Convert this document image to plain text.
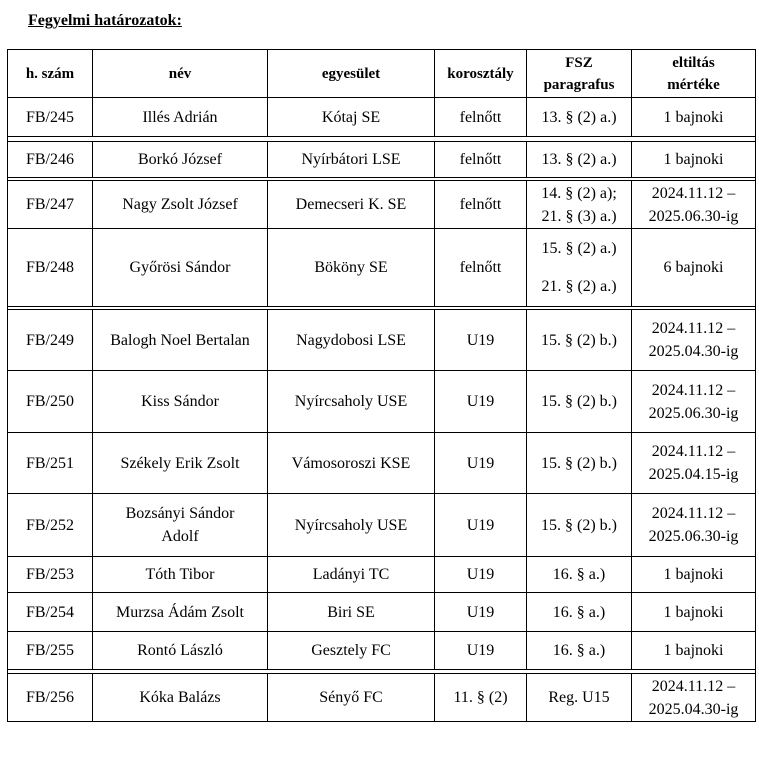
Fegyelmi határozatok:
h. szám	név	egyesület	korosztály	FSZ
paragrafus	eltiltás
mértéke

FB/245	Illés Adrián	Kótaj SE	felnőtt	13. § (2) a.)	1 bajnoki

FB/246	Borkó József	Nyírbátori LSE	felnőtt	13. § (2) a.)	1 bajnoki

FB/247	Nagy Zsolt József	Demecseri K. SE	felnőtt	14. § (2) a);
21. § (3) a.)	2024.11.12 –
2025.06.30-ig

FB/248	Győrösi Sándor	Bököny SE	felnőtt	15. § (2) a.)
21. § (2) a.)	6 bajnoki

FB/249	Balogh Noel Bertalan	Nagydobosi LSE	U19	15. § (2) b.)	2024.11.12 –
2025.04.30-ig

FB/250	Kiss Sándor	Nyírcsaholy USE	U19	15. § (2) b.)	2024.11.12 –
2025.06.30-ig

FB/251	Székely Erik Zsolt	Vámosoroszi KSE	U19	15. § (2) b.)	2024.11.12 –
2025.04.15-ig

FB/252	Bozsányi Sándor
Adolf	Nyírcsaholy USE	U19	15. § (2) b.)	2024.11.12 –
2025.06.30-ig

FB/253	Tóth Tibor	Ladányi TC	U19	16. § a.)	1 bajnoki

FB/254	Murzsa Ádám Zsolt	Biri SE	U19	16. § a.)	1 bajnoki

FB/255	Rontó László	Gesztely FC	U19	16. § a.)	1 bajnoki

FB/256	Kóka Balázs	Sényő FC	11. § (2)	Reg. U15	2024.11.12 –
2025.04.30-ig
